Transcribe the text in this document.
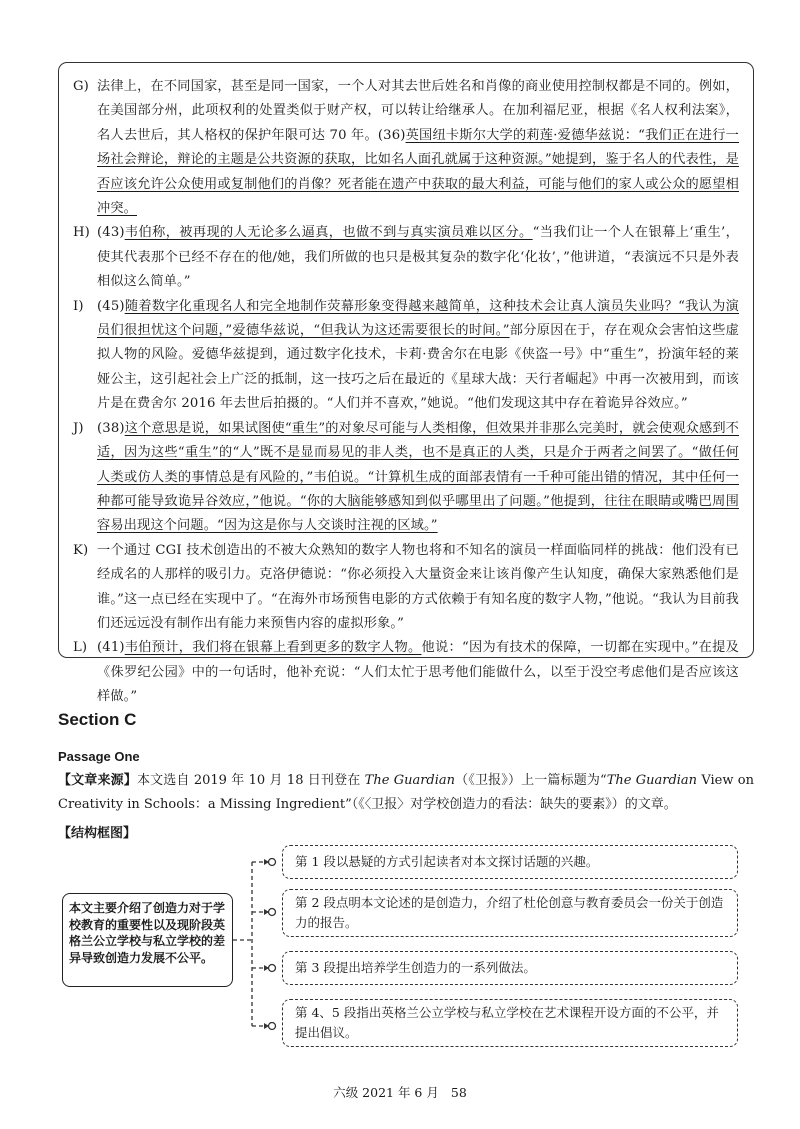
G) 法律上，在不同国家，甚至是同一国家，一个人对其去世后姓名和肖像的商业使用控制权都是不同的。例如，在美国部分州，此项权利的处置类似于财产权，可以转让给继承人。在加利福尼亚，根据《名人权利法案》，名人去世后，其人格权的保护年限可达 70 年。(36)英国纽卡斯尔大学的莉莲·爱德华兹说：“我们正在进行一场社会辩论，辩论的主题是公共资源的获取，比如名人面孔就属于这种资源。”她提到，鉴于名人的代表性，是否应该允许公众使用或复制他们的肖像？死者能在遗产中获取的最大利益，可能与他们的家人或公众的愿望相冲突。
H) (43)韦伯称，被再现的人无论多么逼真，也做不到与真实演员难以区分。“当我们让一个人在银幕上‘重生’，使其代表那个已经不存在的他/她，我们所做的也只是极其复杂的数字化‘化妆’，”他讲道，“表演远不只是外表相似这么简单。”
I)	(45)随着数字化重现名人和完全地制作荧幕形象变得越来越简单，这种技术会让真人演员失业吗？“我认为演员们很担忧这个问题，”爱德华兹说，“但我认为这还需要很长的时间。”部分原因在于，存在观众会害怕这些虚拟人物的风险。爱德华兹提到，通过数字化技术，卡莉·费舍尔在电影《侠盗一号》中“重生”，扮演年轻的莱娅公主，这引起社会上广泛的抵制，这一技巧之后在最近的《星球大战：天行者崛起》中再一次被用到，而该片是在费舍尔 2016 年去世后拍摄的。“人们并不喜欢，”她说。“他们发现这其中存在着诡异谷效应。”
J)	(38)这个意思是说，如果试图使“重生”的对象尽可能与人类相像，但效果并非那么完美时，就会使观众感到不适，因为这些“重生”的“人”既不是显而易见的非人类，也不是真正的人类，只是介于两者之间罢了。“做任何人类或仿人类的事情总是有风险的，”韦伯说。“计算机生成的面部表情有一千种可能出错的情况，其中任何一种都可能导致诡异谷效应，”他说。“你的大脑能够感知到似乎哪里出了问题。”他提到，往往在眼睛或嘴巴周围容易出现这个问题。“因为这是你与人交谈时注视的区域。”
K) 一个通过 CGI 技术创造出的不被大众熟知的数字人物也将和不知名的演员一样面临同样的挑战：他们没有已经成名的人那样的吸引力。克洛伊德说：“你必须投入大量资金来让该肖像产生认知度，确保大家熟悉他们是谁。”这一点已经在实现中了。“在海外市场预售电影的方式依赖于有知名度的数字人物，”他说。“我认为目前我们还远远没有制作出有能力来预售内容的虚拟形象。”
L) (41)韦伯预计，我们将在银幕上看到更多的数字人物。他说：“因为有技术的保障，一切都在实现中。”在提及《侏罗纪公园》中的一句话时，他补充说：“人们太忙于思考他们能做什么，以至于没空考虑他们是否应该这样做。”
Section C
Passage One
【文章来源】本文选自 2019 年 10 月 18 日刊登在 The Guardian（《卫报》）上一篇标题为“The Guardian View on Creativity in Schools：a Missing Ingredient”（《〈卫报〉对学校创造力的看法：缺失的要素》）的文章。
【结构框图】
本文主要介绍了创造力对于学校教育的重要性以及现阶段英格兰公立学校与私立学校的差异导致创造力发展不公平。
第 1 段以悬疑的方式引起读者对本文探讨话题的兴趣。
第 2 段点明本文论述的是创造力，介绍了杜伦创意与教育委员会一份关于创造力的报告。
第 3 段提出培养学生创造力的一系列做法。
第 4、5 段指出英格兰公立学校与私立学校在艺术课程开设方面的不公平，并提出倡议。
六级 2021 年 6 月 58
